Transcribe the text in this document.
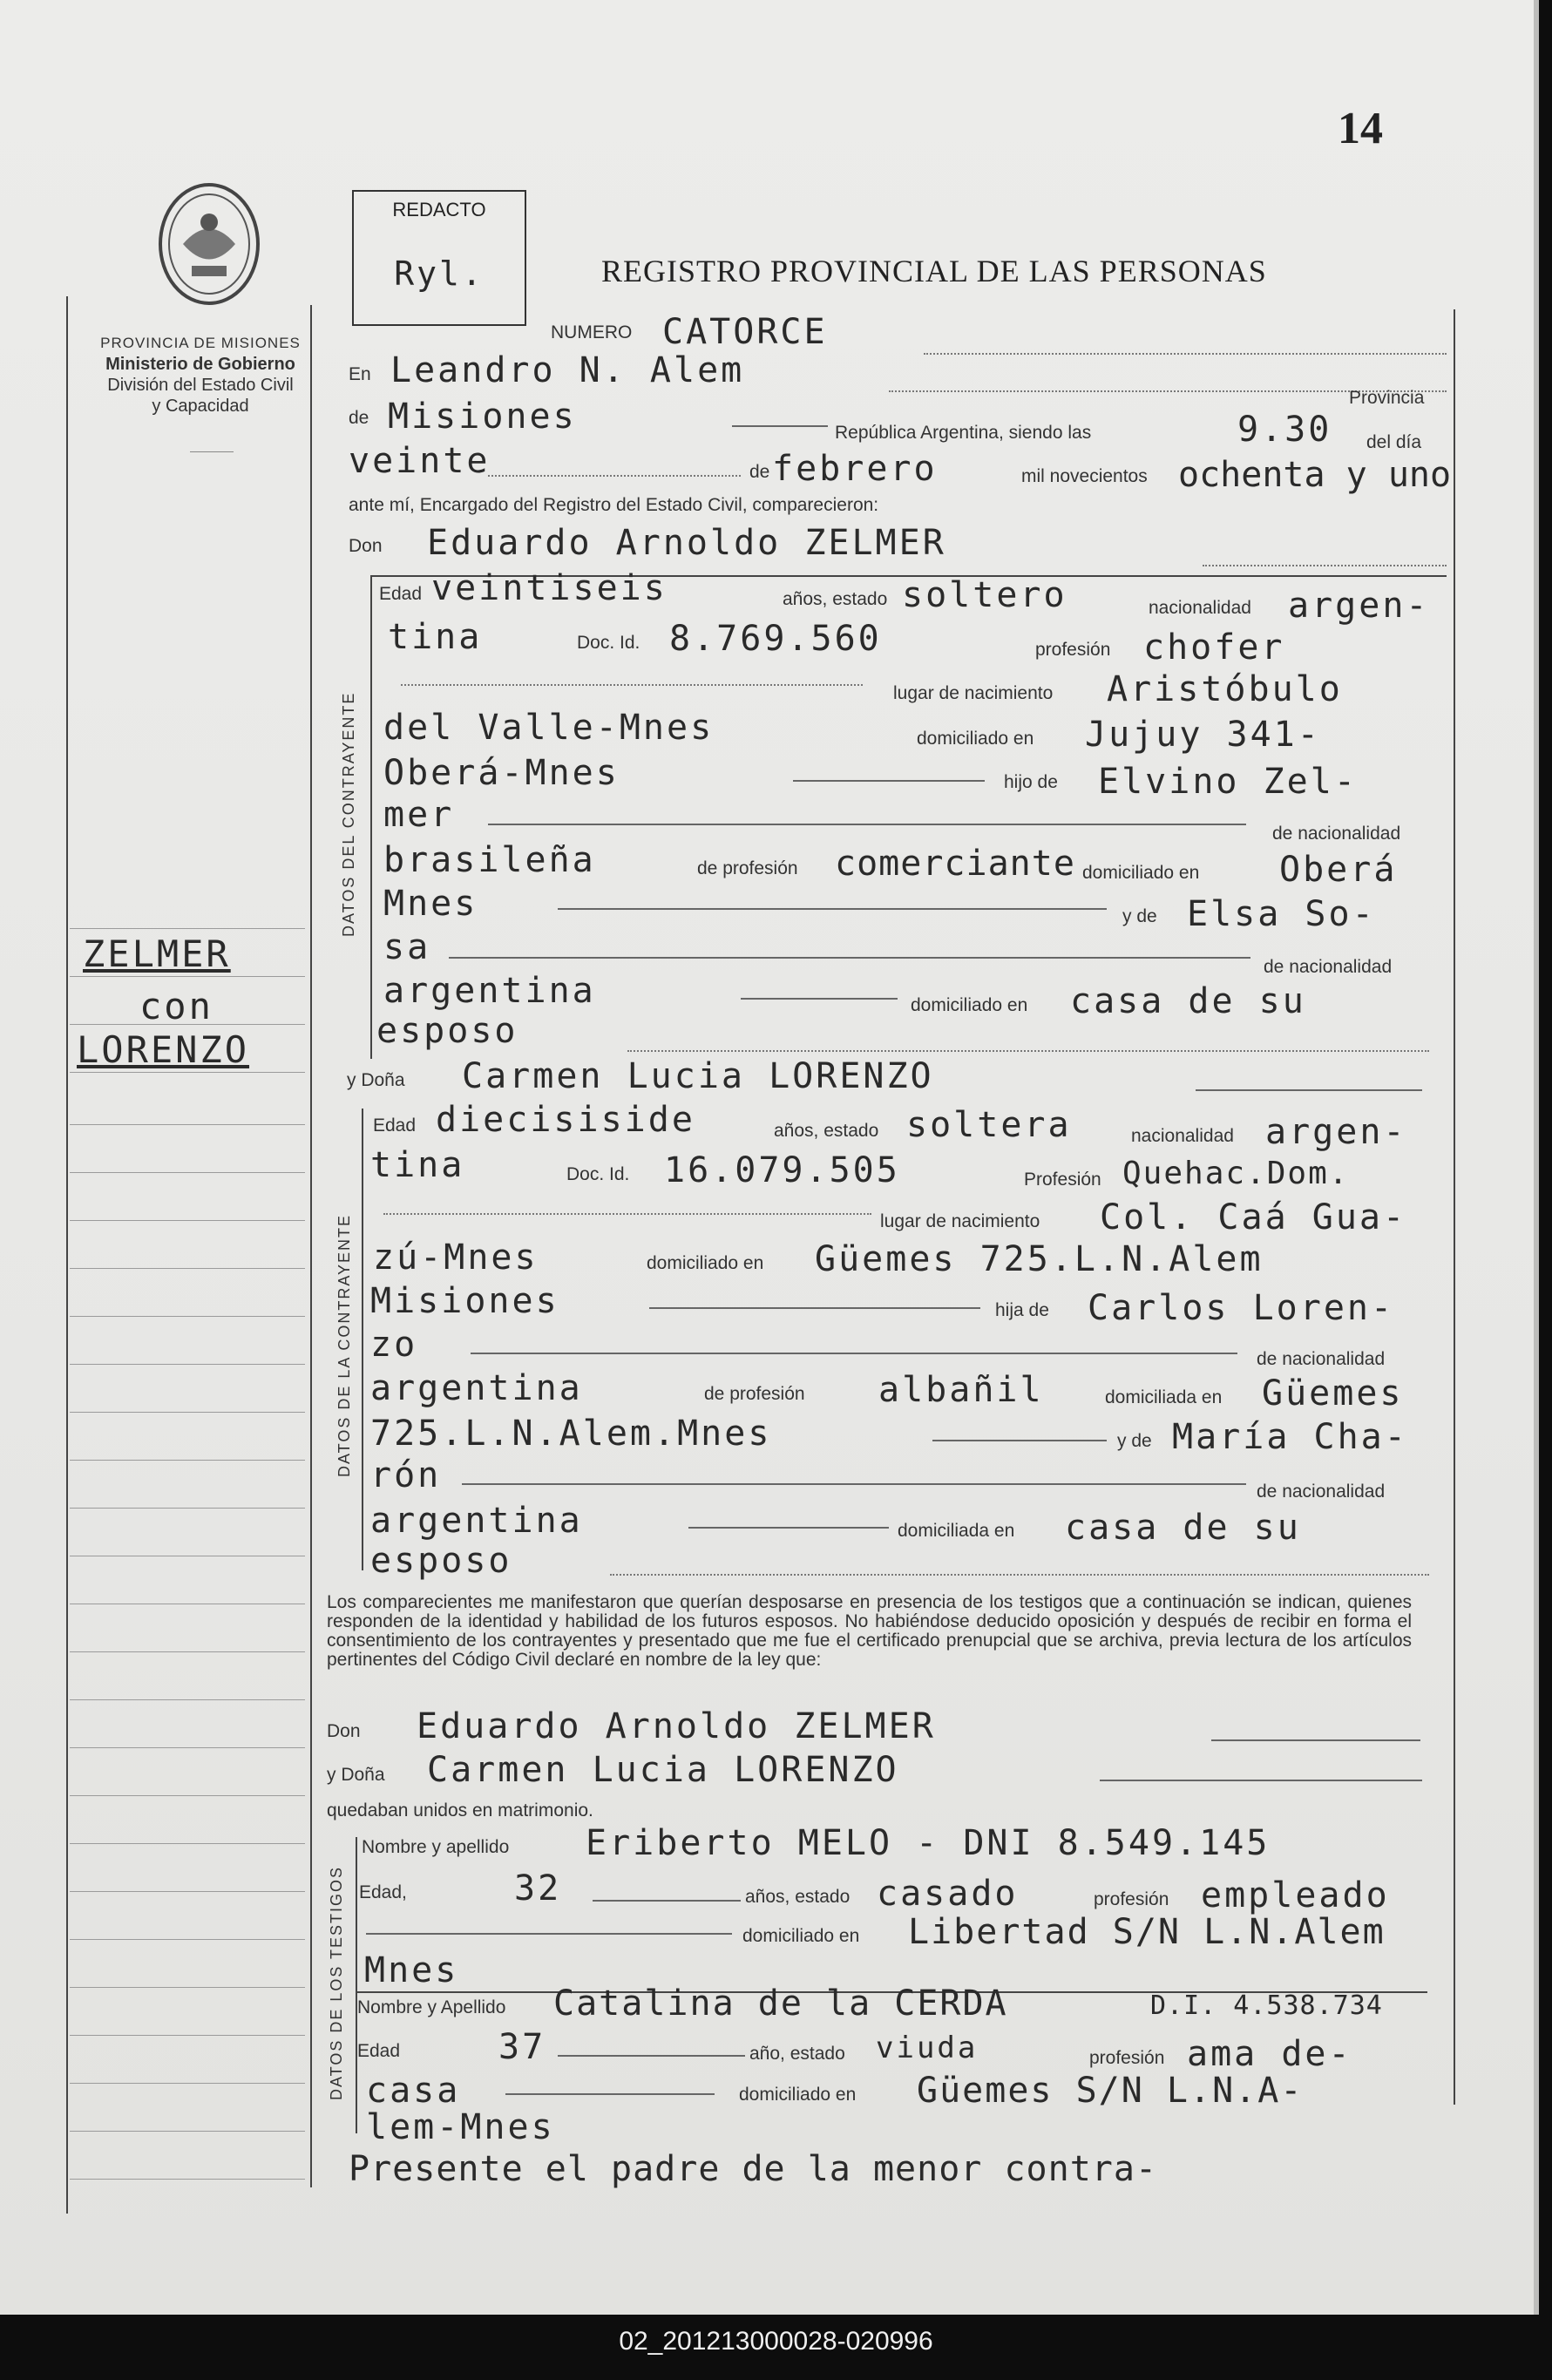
14
PROVINCIA DE MISIONES
Ministerio de Gobierno
División del Estado Civil
y Capacidad
ZELMER
con
LORENZO
REDACTO
Ryl.	REGISTRO PROVINCIAL DE LAS PERSONAS
NUMERO CATORCE
En Leandro N. Alem
de Misiones	República Argentina, siendo las	9.30
Provincia
del día
veinte	de febrero	mil novecientos ochenta y uno
ante mí, Encargado del Registro del Estado Civil, comparecieron:
Don Eduardo Arnoldo ZELMER
DATOS DEL CONTRAYENTE
Edad veintiseis	años, estado soltero	nacionalidad argen-
tina	Doc. Id. 8.769.560	profesión chofer
lugar de nacimiento Aristóbulo
del Valle-Mnes	domiciliado en Jujuy 341-
Oberá-Mnes	hijo de Elvino Zel-
mer	de nacionalidad
brasileña	de profesión comerciante domiciliado en Oberá
Mnes	y de Elsa So-
sa	de nacionalidad
argentina	domiciliado en casa de su
esposo
y Doña Carmen Lucia LORENZO
DATOS DE LA CONTRAYENTE
Edad diecisiside	años, estado soltera	nacionalidad argen-
tina	Doc. Id. 16.079.505	Profesión Quehac.Dom.
lugar de nacimiento Col. Caá Gua-
zú-Mnes	domiciliado en Güemes 725.L.N.Alem
Misiones	hija de Carlos Loren-
zo	de nacionalidad
argentina	de profesión albañil	domiciliada en Güemes
725.L.N.Alem.Mnes	y de María Cha-
rón	de nacionalidad
argentina	domiciliada en casa de su
esposo
Los comparecientes me manifestaron que querían desposarse en presencia de los testigos que a continuación se indican, quienes responden de la identidad y habilidad de los futuros esposos. No habiéndose deducido oposición y después de recibir en forma el consentimiento de los contrayentes y presentado que me fue el certificado prenupcial que se archiva, previa lectura de los artículos pertinentes del Código Civil declaré en nombre de la ley que:
Don Eduardo Arnoldo ZELMER
y Doña Carmen Lucia LORENZO
quedaban unidos en matrimonio.
DATOS DE LOS TESTIGOS
Nombre y apellido Eriberto MELO - DNI 8.549.145
Edad,	32	años, estado casado	profesión empleado
domiciliado en Libertad S/N L.N.Alem
Mnes
Nombre y Apellido Catalina de la CERDA	D.I. 4.538.734
Edad	37	año, estado viuda	profesión ama de-
casa	domiciliado en Güemes S/N L.N.A-
lem-Mnes
Presente el padre de la menor contra-
02_201213000028-020996
